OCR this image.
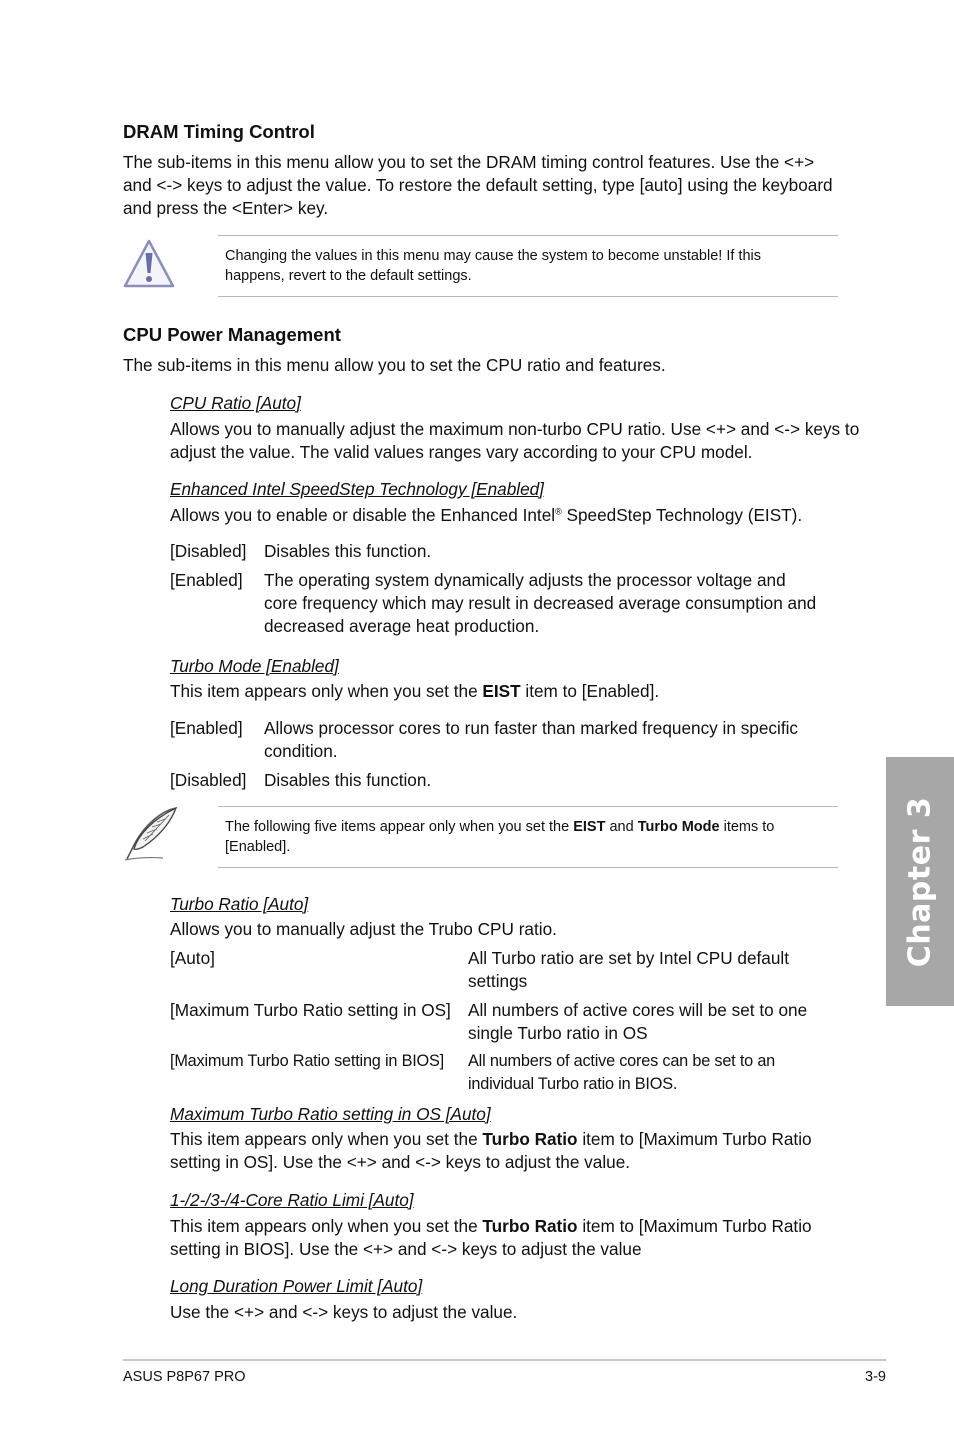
DRAM Timing Control
The sub-items in this menu allow you to set the DRAM timing control features. Use the <+>
and <-> keys to adjust the value. To restore the default setting, type [auto] using the keyboard
and press the <Enter> key.
Changing the values in this menu may cause the system to become unstable! If this
happens, revert to the default settings.
CPU Power Management
The sub-items in this menu allow you to set the CPU ratio and features.
CPU Ratio [Auto]
Allows you to manually adjust the maximum non-turbo CPU ratio. Use <+> and <-> keys to
adjust the value. The valid values ranges vary according to your CPU model.
Enhanced Intel SpeedStep Technology [Enabled]
Allows you to enable or disable the Enhanced Intel® SpeedStep Technology (EIST).
[Disabled] Disables this function.
[Enabled] The operating system dynamically adjusts the processor voltage and
core frequency which may result in decreased average consumption and
decreased average heat production.
Turbo Mode [Enabled]
This item appears only when you set the EIST item to [Enabled].
[Enabled] Allows processor cores to run faster than marked frequency in specific
condition.
[Disabled] Disables this function.
The following five items appear only when you set the EIST and Turbo Mode items to
[Enabled].
Turbo Ratio [Auto]
Allows you to manually adjust the Trubo CPU ratio.
[Auto]	All Turbo ratio are set by Intel CPU default
settings
[Maximum Turbo Ratio setting in OS] All numbers of active cores will be set to one
single Turbo ratio in OS
[Maximum Turbo Ratio setting in BIOS] All numbers of active cores can be set to an
individual Turbo ratio in BIOS.
Maximum Turbo Ratio setting in OS [Auto]
This item appears only when you set the Turbo Ratio item to [Maximum Turbo Ratio
setting in OS]. Use the <+> and <-> keys to adjust the value.
1-/2-/3-/4-Core Ratio Limi [Auto]
This item appears only when you set the Turbo Ratio item to [Maximum Turbo Ratio
setting in BIOS]. Use the <+> and <-> keys to adjust the value
Long Duration Power Limit [Auto]
Use the <+> and <-> keys to adjust the value.
Chapter 3
ASUS P8P67 PRO	3-9
